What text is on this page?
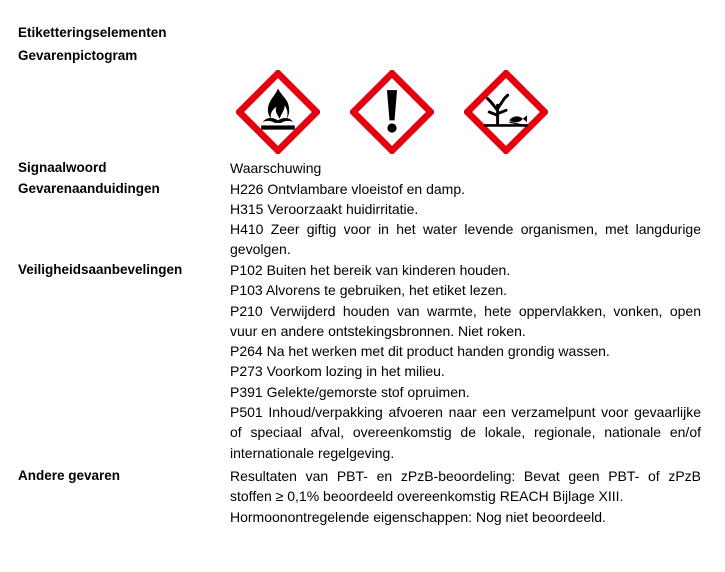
Etiketteringselementen
Gevarenpictogram
Signaalwoord	Waarschuwing
Gevarenaanduidingen	H226 Ontvlambare vloeistof en damp.
H315 Veroorzaakt huidirritatie.
H410 Zeer giftig voor in het water levende organismen, met langdurige gevolgen.
Veiligheidsaanbevelingen	P102 Buiten het bereik van kinderen houden.
P103 Alvorens te gebruiken, het etiket lezen.
P210 Verwijderd houden van warmte, hete oppervlakken, vonken, open vuur en andere ontstekingsbronnen. Niet roken.
P264 Na het werken met dit product handen grondig wassen.
P273 Voorkom lozing in het milieu.
P391 Gelekte/gemorste stof opruimen.
P501 Inhoud/verpakking afvoeren naar een verzamelpunt voor gevaarlijke of speciaal afval, overeenkomstig de lokale, regionale, nationale en/of internationale regelgeving.
Andere gevaren	Resultaten van PBT- en zPzB-beoordeling: Bevat geen PBT- of zPzB stoffen ≥ 0,1% beoordeeld overeenkomstig REACH Bijlage XIII.
Hormoonontregelende eigenschappen: Nog niet beoordeeld.
